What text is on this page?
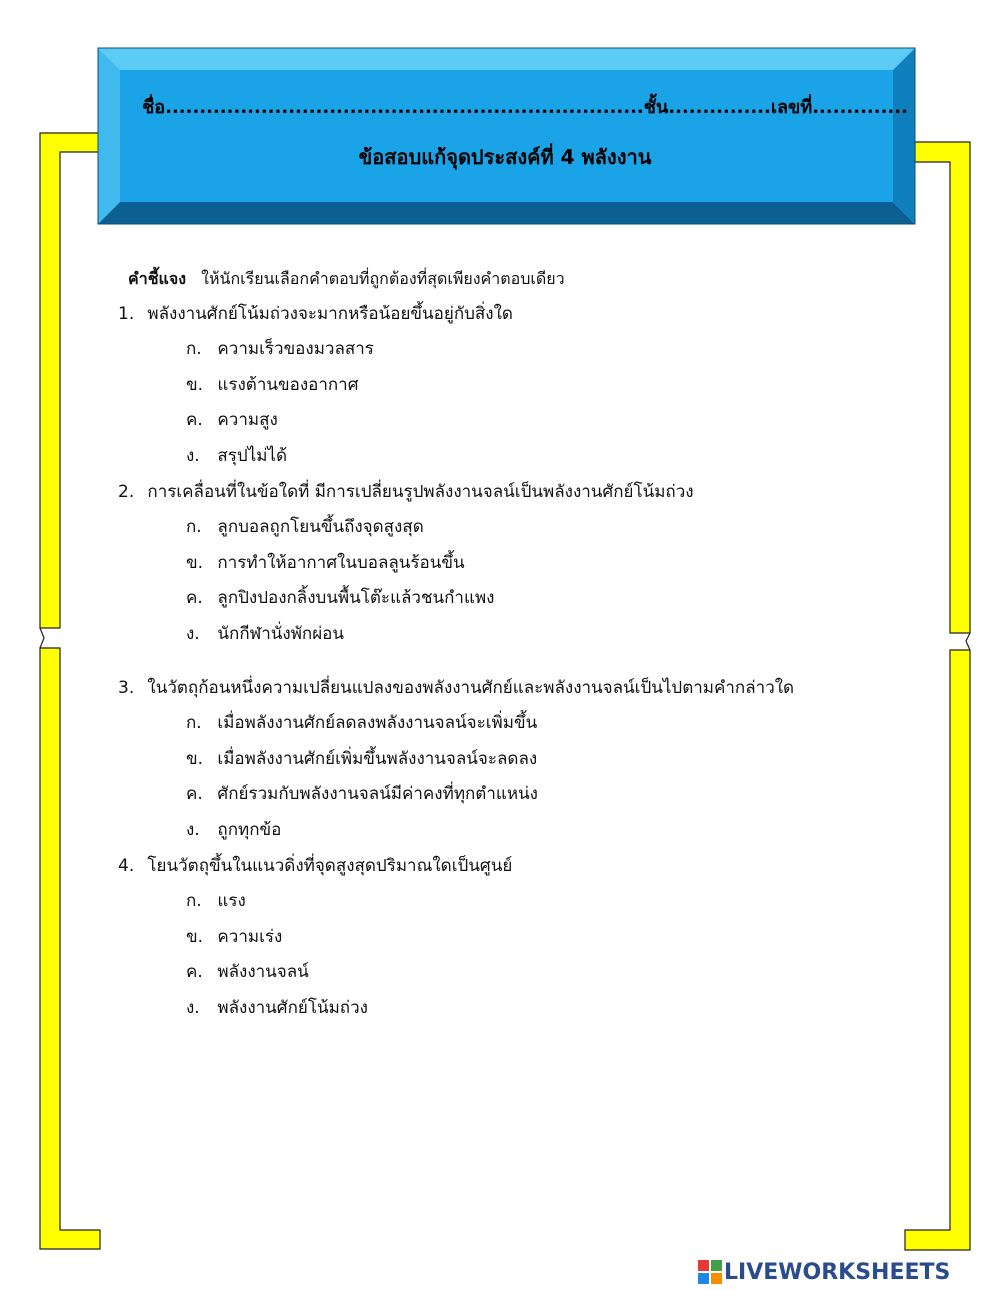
ชื่อ......................................................................ชั้น...............เลขที่..............
ข้อสอบแก้จุดประสงค์ที่ 4 พลังงาน
คำชี้แจง ให้นักเรียนเลือกคำตอบที่ถูกต้องที่สุดเพียงคำตอบเดียว
1. พลังงานศักย์โน้มถ่วงจะมากหรือน้อยขึ้นอยู่กับสิ่งใด
ก. ความเร็วของมวลสาร
ข. แรงต้านของอากาศ
ค. ความสูง
ง. สรุปไม่ได้
2. การเคลื่อนที่ในข้อใดที่ มีการเปลี่ยนรูปพลังงานจลน์เป็นพลังงานศักย์โน้มถ่วง
ก. ลูกบอลถูกโยนขึ้นถึงจุดสูงสุด
ข. การทำให้อากาศในบอลลูนร้อนขึ้น
ค. ลูกปิงปองกลิ้งบนพื้นโต๊ะแล้วชนกำแพง
ง. นักกีฬานั่งพักผ่อน
3. ในวัตถุก้อนหนึ่งความเปลี่ยนแปลงของพลังงานศักย์และพลังงานจลน์เป็นไปตามคำกล่าวใด
ก. เมื่อพลังงานศักย์ลดลงพลังงานจลน์จะเพิ่มขึ้น
ข. เมื่อพลังงานศักย์เพิ่มขึ้นพลังงานจลน์จะลดลง
ค. ศักย์รวมกับพลังงานจลน์มีค่าคงที่ทุกตำแหน่ง
ง. ถูกทุกข้อ
4. โยนวัตถุขึ้นในแนวดิ่งที่จุดสูงสุดปริมาณใดเป็นศูนย์
ก. แรง
ข. ความเร่ง
ค. พลังงานจลน์
ง. พลังงานศักย์โน้มถ่วง
LIVEWORKSHEETS
